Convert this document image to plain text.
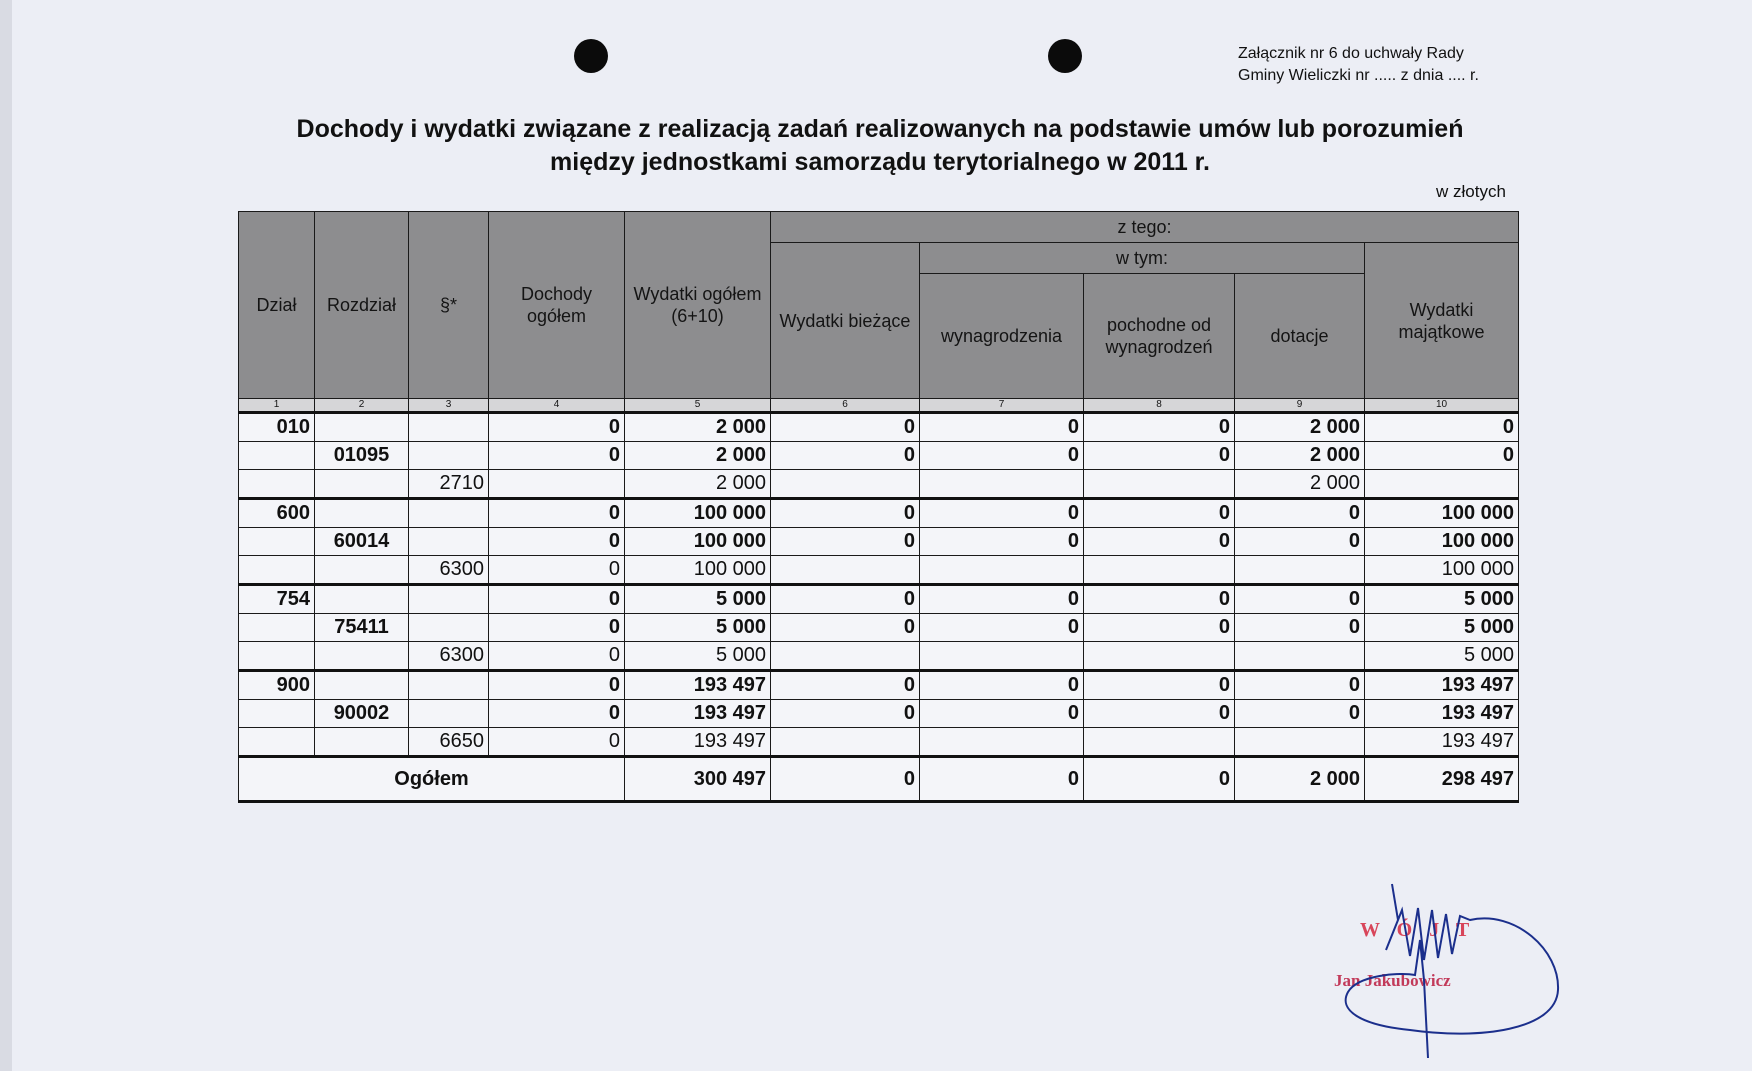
Załącznik nr 6 do uchwały Rady
Gminy Wieliczki nr ..... z dnia .... r.
Dochody i wydatki związane z realizacją zadań realizowanych na podstawie umów lub porozumień
między jednostkami samorządu terytorialnego w 2011 r.
w złotych
Dział	Rozdział	§*	Dochody ogółem	Wydatki ogółem (6+10)	z tego:				
					Wydatki bieżące	w tym:			Wydatki majątkowe
						wynagrodzenia	pochodne od wynagrodzeń	dotacje	
1	2	3	4	5	6	7	8	9	10
010			0	2 000	0	0	0	2 000	0
	01095		0	2 000	0	0	0	2 000	0
		2710		2 000				2 000	
600			0	100 000	0	0	0	0	100 000
	60014		0	100 000	0	0	0	0	100 000
		6300	0	100 000					100 000
754			0	5 000	0	0	0	0	5 000
	75411		0	5 000	0	0	0	0	5 000
		6300	0	5 000					5 000
900			0	193 497	0	0	0	0	193 497
	90002		0	193 497	0	0	0	0	193 497
		6650	0	193 497					193 497
Ogółem				300 497	0	0	0	2 000	298 497
W Ó J T
Jan Jakubowicz
